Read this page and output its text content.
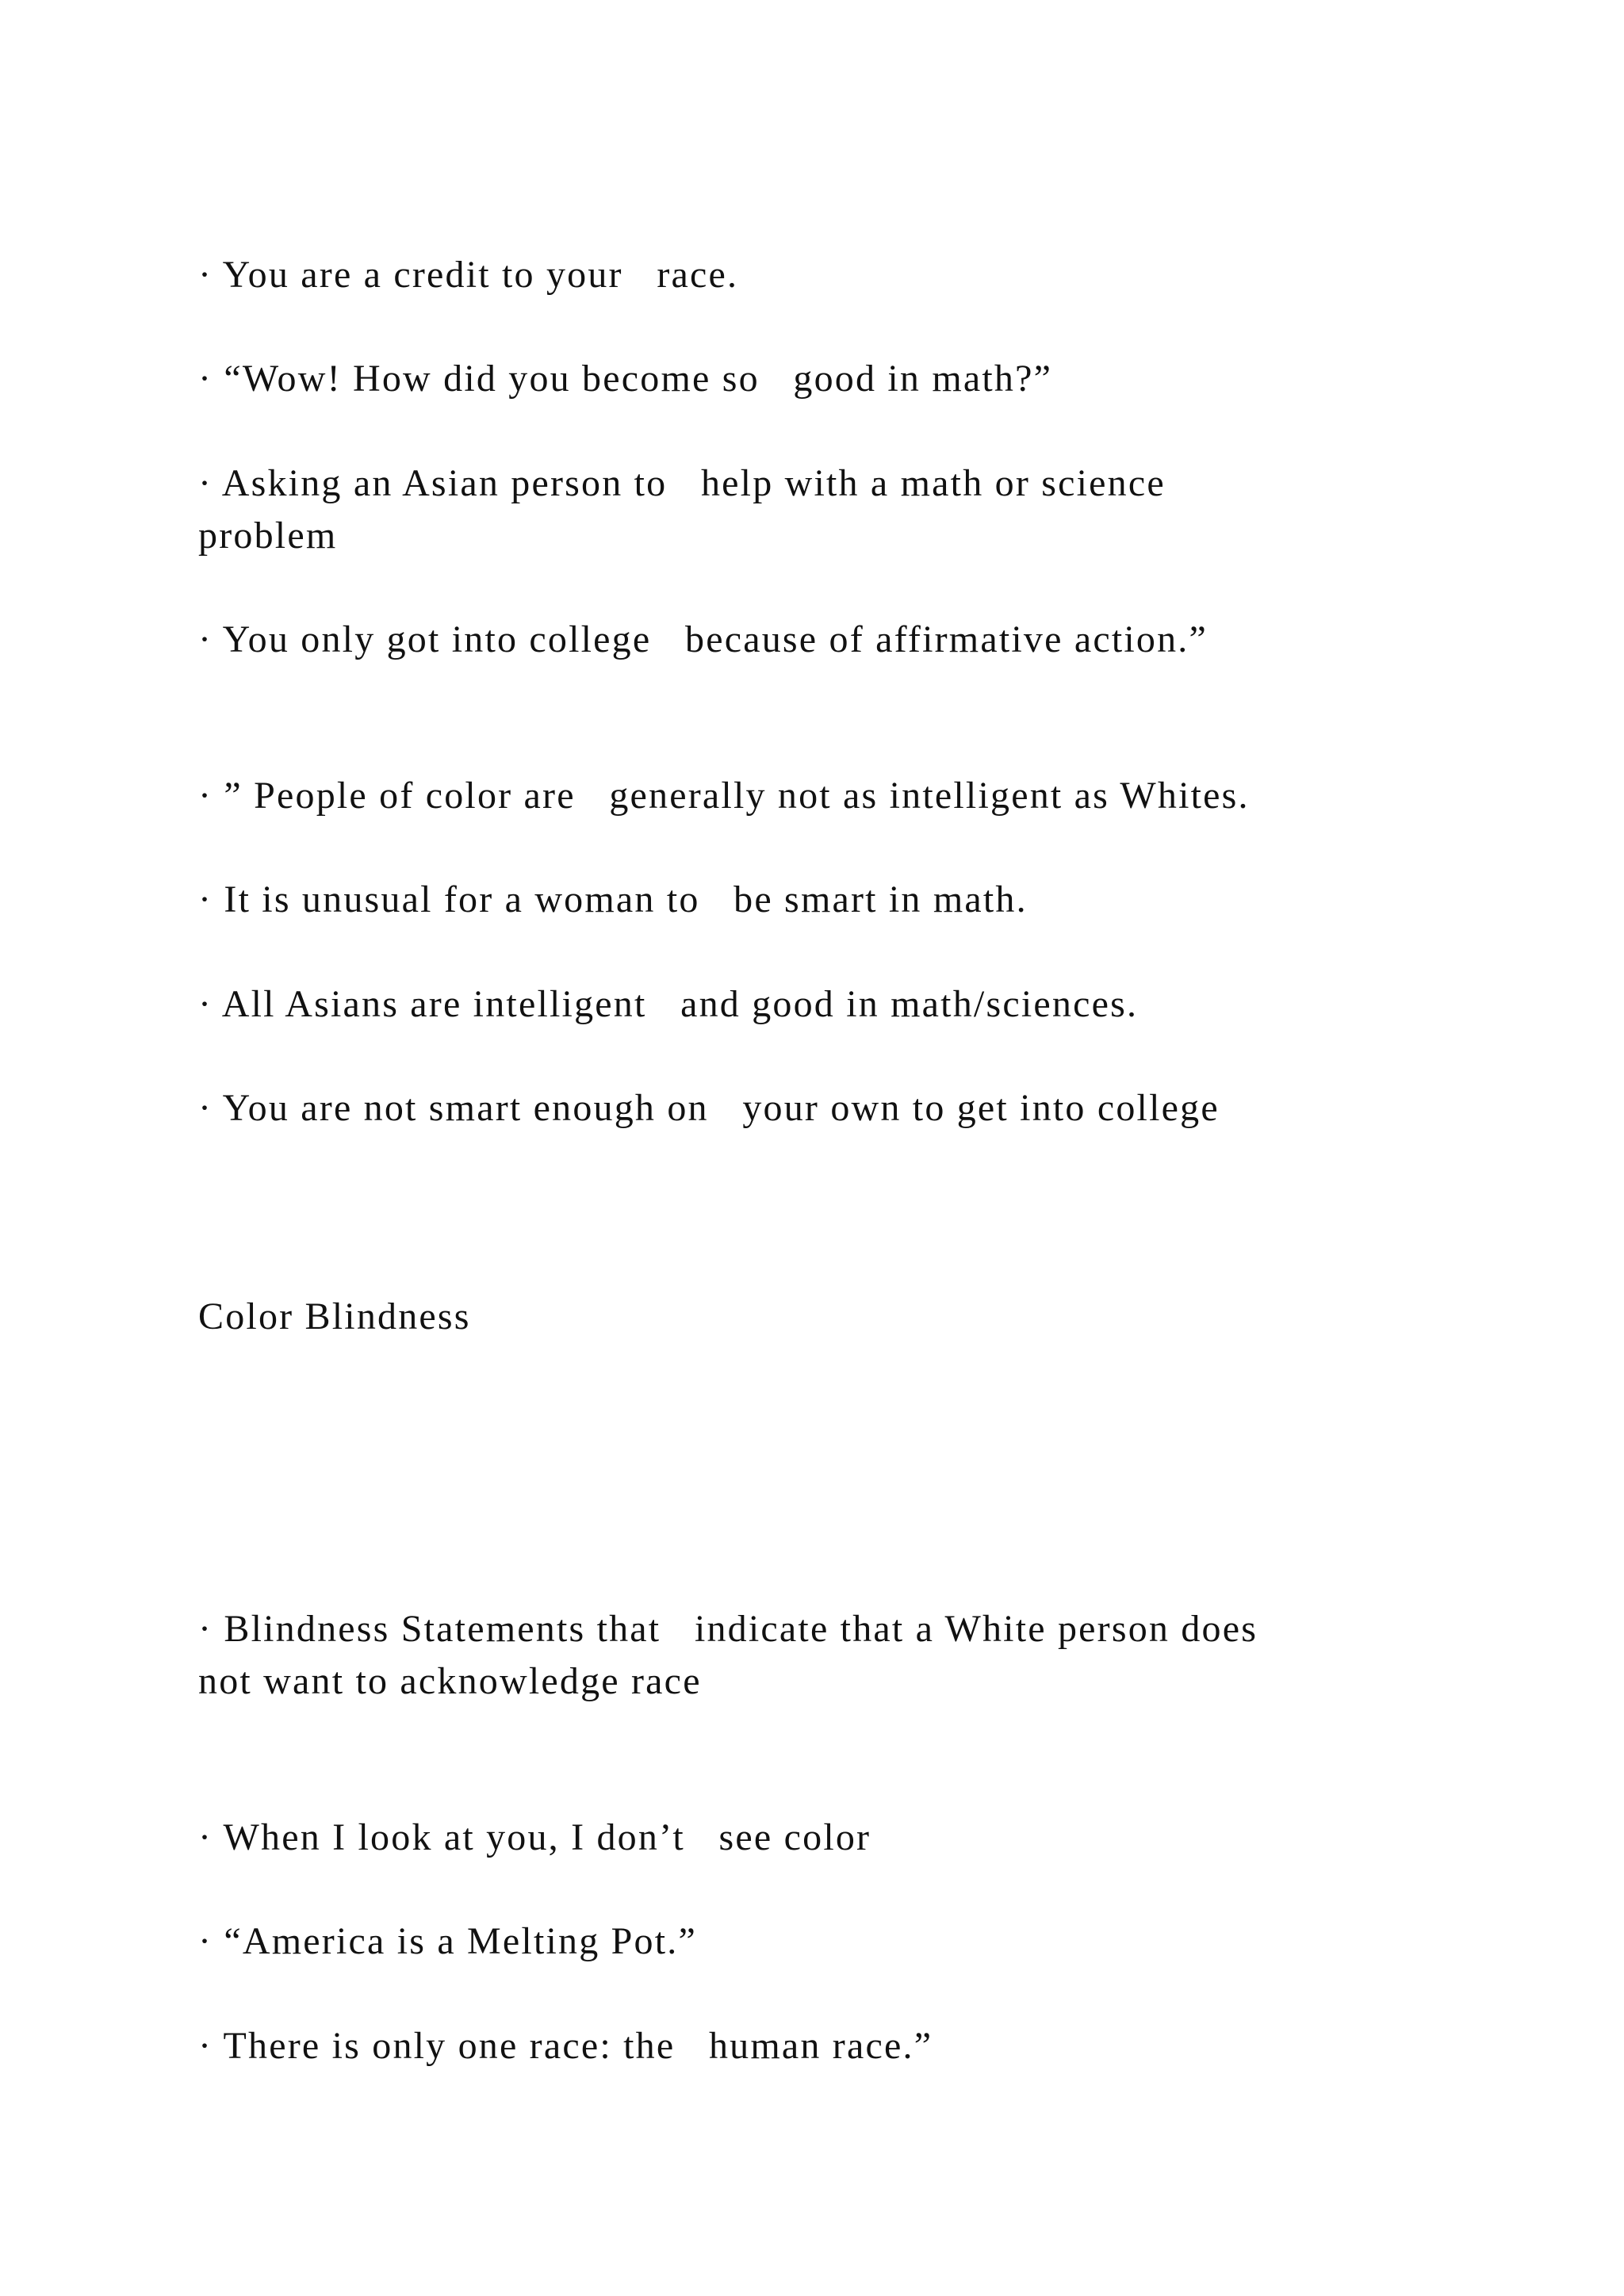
· You are a credit to your   race.

· “Wow! How did you become so   good in math?”

· Asking an Asian person to   help with a math or science
problem

· You only got into college   because of affirmative action.”

· ” People of color are   generally not as intelligent as Whites.

· It is unusual for a woman to   be smart in math.

· All Asians are intelligent   and good in math/sciences.

· You are not smart enough on   your own to get into college

Color Blindness

· Blindness Statements that   indicate that a White person does
not want to acknowledge race

· When I look at you, I don’t   see color

· “America is a Melting Pot.”

· There is only one race: the   human race.”
